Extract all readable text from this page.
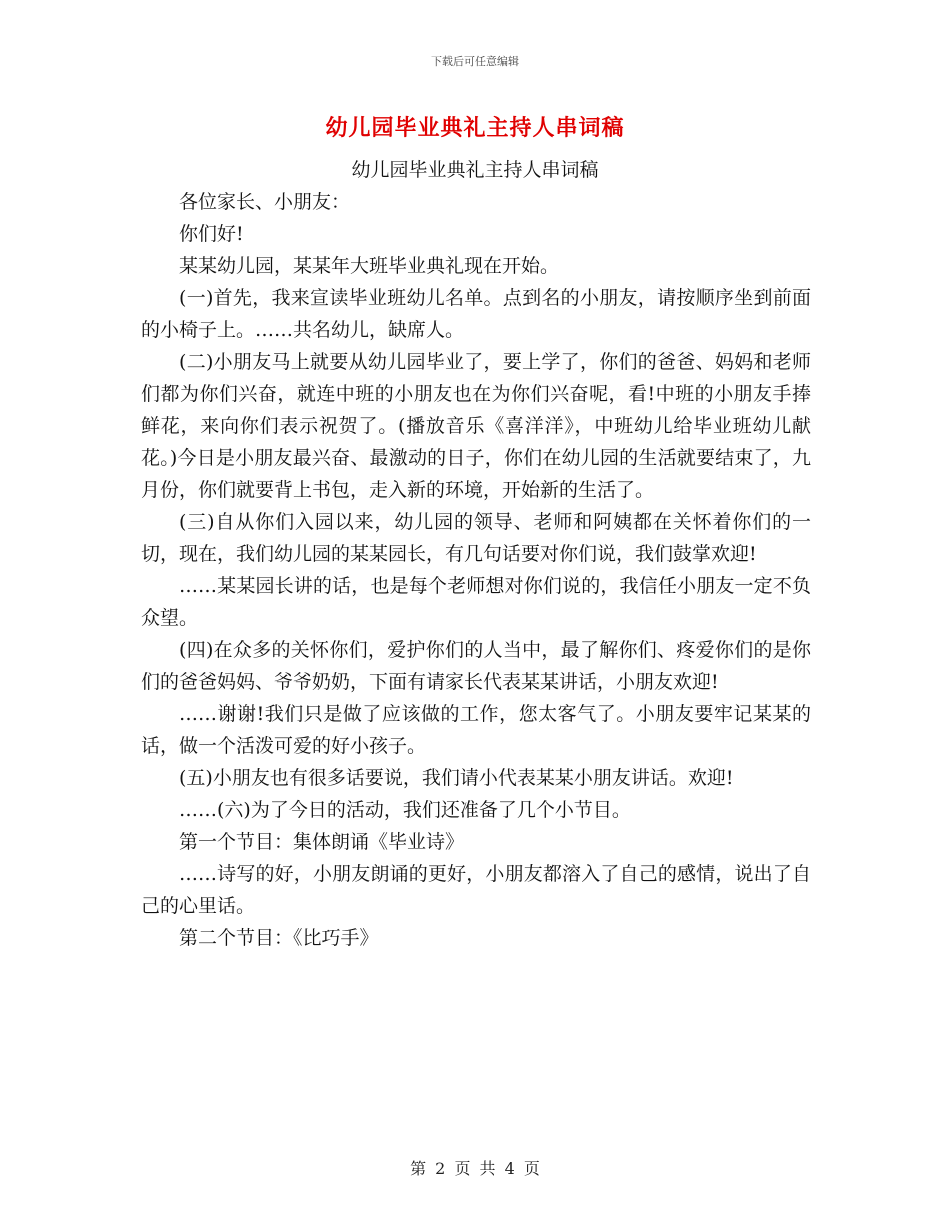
下载后可任意编辑
幼儿园毕业典礼主持人串词稿
幼儿园毕业典礼主持人串词稿

各位家长、小朋友：

你们好!

某某幼儿园，某某年大班毕业典礼现在开始。

(一)首先，我来宣读毕业班幼儿名单。点到名的小朋友，请按顺序坐到前面的小椅子上。……共名幼儿，缺席人。

(二)小朋友马上就要从幼儿园毕业了，要上学了，你们的爸爸、妈妈和老师们都为你们兴奋，就连中班的小朋友也在为你们兴奋呢，看!中班的小朋友手捧鲜花，来向你们表示祝贺了。(播放音乐《喜洋洋》，中班幼儿给毕业班幼儿献花。)今日是小朋友最兴奋、最激动的日子，你们在幼儿园的生活就要结束了，九月份，你们就要背上书包，走入新的环境，开始新的生活了。

(三)自从你们入园以来，幼儿园的领导、老师和阿姨都在关怀着你们的一切，现在，我们幼儿园的某某园长，有几句话要对你们说，我们鼓掌欢迎!

……某某园长讲的话，也是每个老师想对你们说的，我信任小朋友一定不负众望。

(四)在众多的关怀你们，爱护你们的人当中，最了解你们、疼爱你们的是你们的爸爸妈妈、爷爷奶奶，下面有请家长代表某某讲话，小朋友欢迎!

……谢谢!我们只是做了应该做的工作，您太客气了。小朋友要牢记某某的话，做一个活泼可爱的好小孩子。

(五)小朋友也有很多话要说，我们请小代表某某小朋友讲话。欢迎!

……(六)为了今日的活动，我们还准备了几个小节目。

第一个节目：集体朗诵《毕业诗》

……诗写的好，小朋友朗诵的更好，小朋友都溶入了自己的感情，说出了自己的心里话。

第二个节目：《比巧手》

第 2 页 共 4 页
